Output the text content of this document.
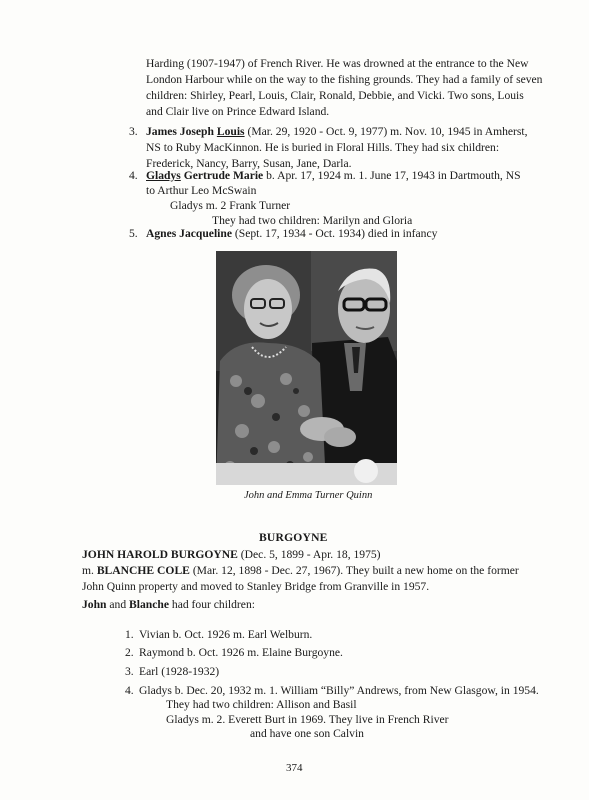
Harding (1907-1947) of French River. He was drowned at the entrance to the New
London Harbour while on the way to the fishing grounds. They had a family of seven
children: Shirley, Pearl, Louis, Clair, Ronald, Debbie, and Vicki. Two sons, Louis
and Clair live on Prince Edward Island.
3. James Joseph Louis (Mar. 29, 1920 - Oct. 9, 1977) m. Nov. 10, 1945 in Amherst,
NS to Ruby MacKinnon. He is buried in Floral Hills. They had six children:
Frederick, Nancy, Barry, Susan, Jane, Darla.
4. Gladys Gertrude Marie b. Apr. 17, 1924 m. 1. June 17, 1943 in Dartmouth, NS
to Arthur Leo McSwain
Gladys m. 2 Frank Turner
They had two children: Marilyn and Gloria
5. Agnes Jacqueline (Sept. 17, 1934 - Oct. 1934) died in infancy
John and Emma Turner Quinn
BURGOYNE
JOHN HAROLD BURGOYNE (Dec. 5, 1899 - Apr. 18, 1975)
m. BLANCHE COLE (Mar. 12, 1898 - Dec. 27, 1967). They built a new home on the former
John Quinn property and moved to Stanley Bridge from Granville in 1957.
John and Blanche had four children:
1. Vivian b. Oct. 1926 m. Earl Welburn.
2. Raymond b. Oct. 1926 m. Elaine Burgoyne.
3. Earl (1928-1932)
4. Gladys b. Dec. 20, 1932 m. 1. William “Billy” Andrews, from New Glasgow, in 1954.
They had two children: Allison and Basil
Gladys m. 2. Everett Burt in 1969. They live in French River
and have one son Calvin
374
